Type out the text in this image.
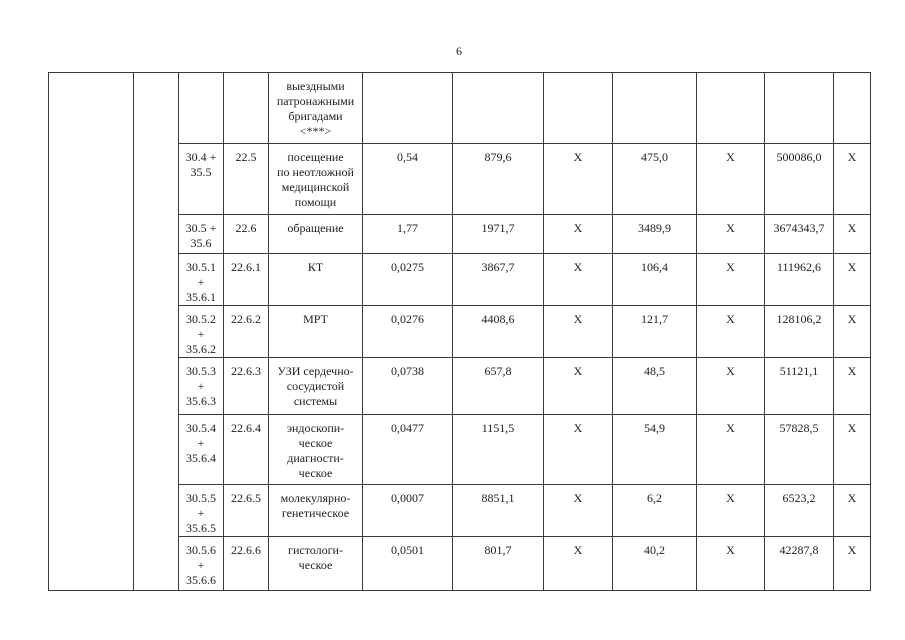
6

				выездными
патронажными
бригадами
<***>							

		30.4 +
35.5	22.5	посещение
по неотложной
медицинской
помощи	0,54	879,6	X	475,0	X	500086,0	X

		30.5 +
35.6	22.6	обращение	1,77	1971,7	X	3489,9	X	3674343,7	X

		30.5.1
+
35.6.1	22.6.1	КТ	0,0275	3867,7	X	106,4	X	111962,6	X

		30.5.2
+
35.6.2	22.6.2	МРТ	0,0276	4408,6	X	121,7	X	128106,2	X

		30.5.3
+
35.6.3	22.6.3	УЗИ сердечно-
сосудистой
системы	0,0738	657,8	X	48,5	X	51121,1	X

		30.5.4
+
35.6.4	22.6.4	эндоскопи-
ческое
диагности-
ческое	0,0477	1151,5	X	54,9	X	57828,5	X

		30.5.5
+
35.6.5	22.6.5	молекулярно-
генетическое	0,0007	8851,1	X	6,2	X	6523,2	X

		30.5.6
+
35.6.6	22.6.6	гистологи-
ческое	0,0501	801,7	X	40,2	X	42287,8	X
